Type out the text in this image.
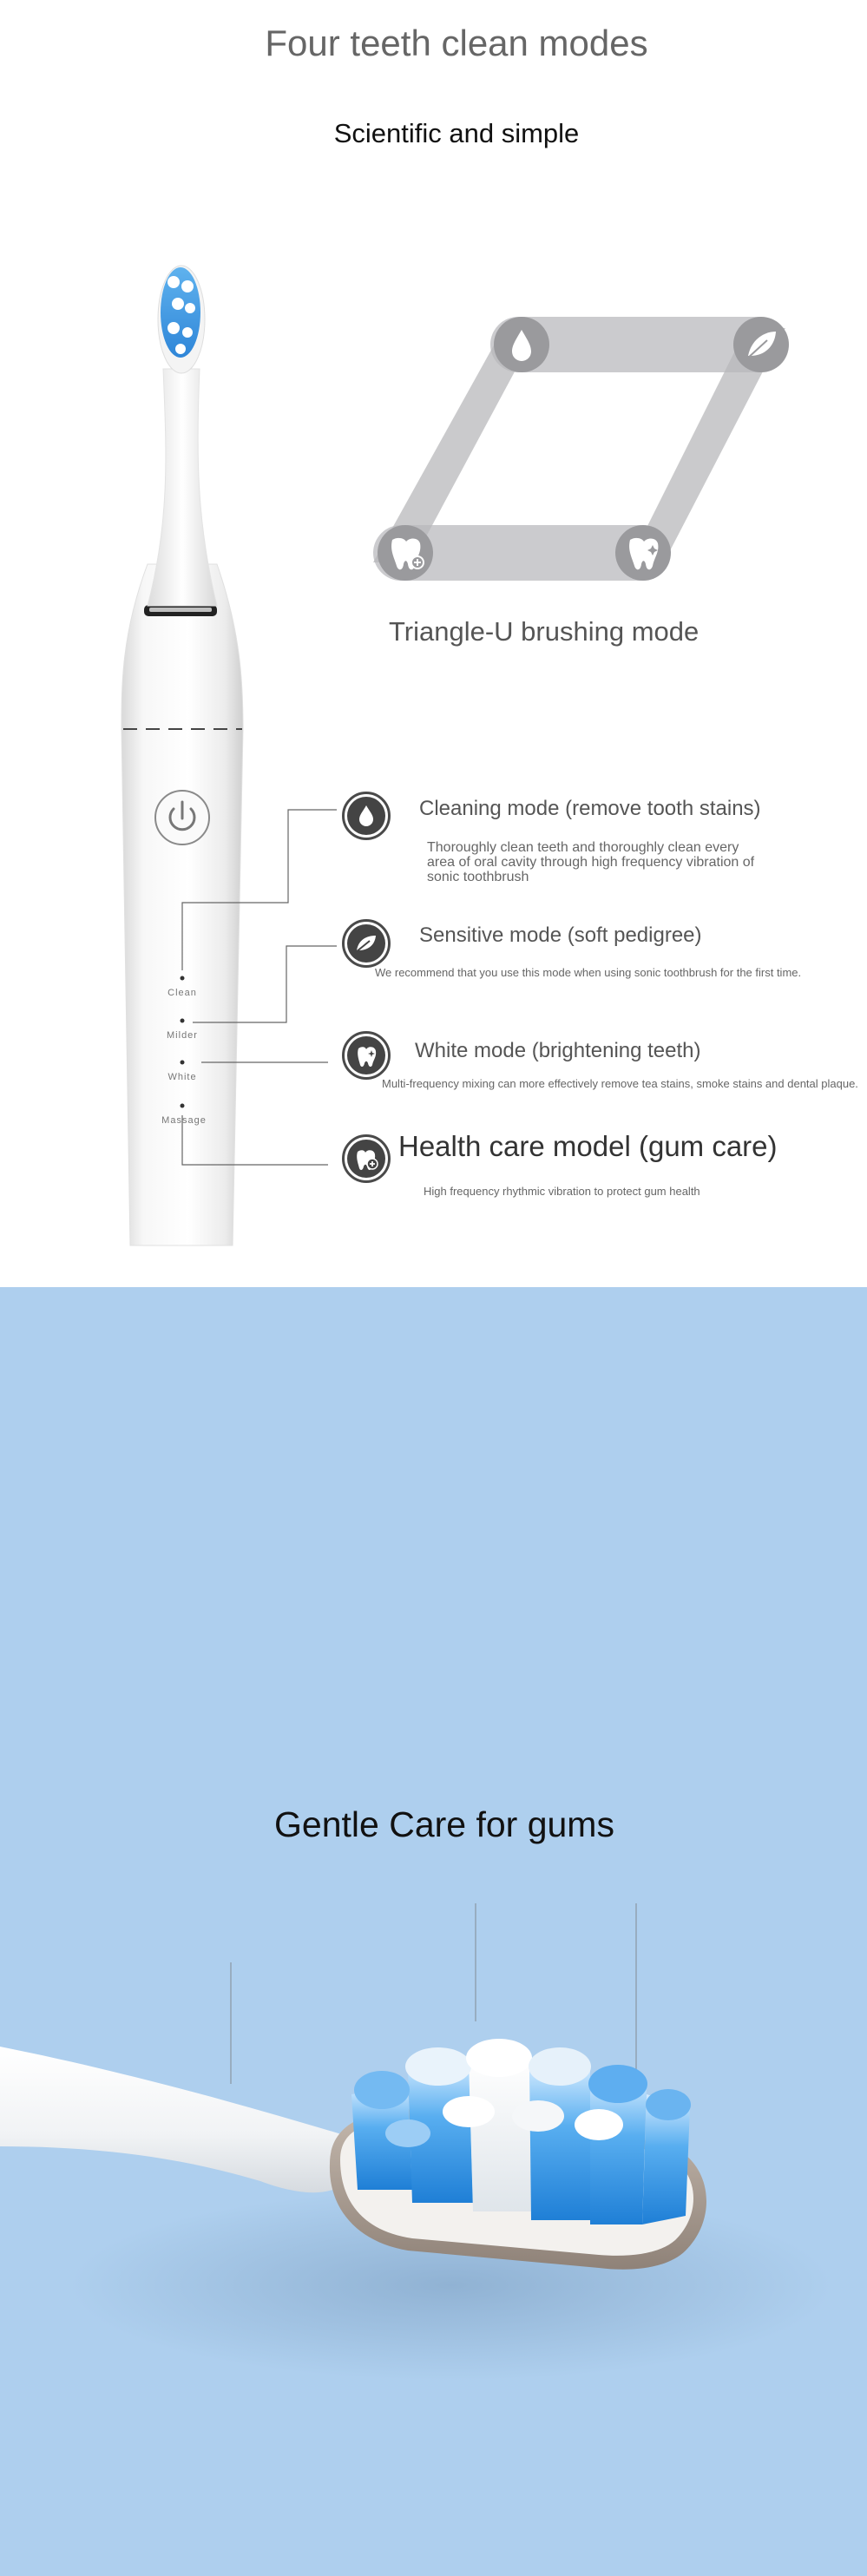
Four teeth clean modes
Scientific and simple
Triangle-U brushing mode
Clean
Milder
White
Massage
Cleaning mode (remove tooth stains)
Thoroughly clean teeth and thoroughly clean every area of oral cavity through high frequency vibration of sonic toothbrush
Sensitive mode (soft pedigree)
We recommend that you use this mode when using sonic toothbrush for the first time.
White mode (brightening teeth)
Multi-frequency mixing can more effectively remove tea stains, smoke stains and dental plaque.
Health care model (gum care)
High frequency rhythmic vibration to protect gum health
Gentle Care for gums
